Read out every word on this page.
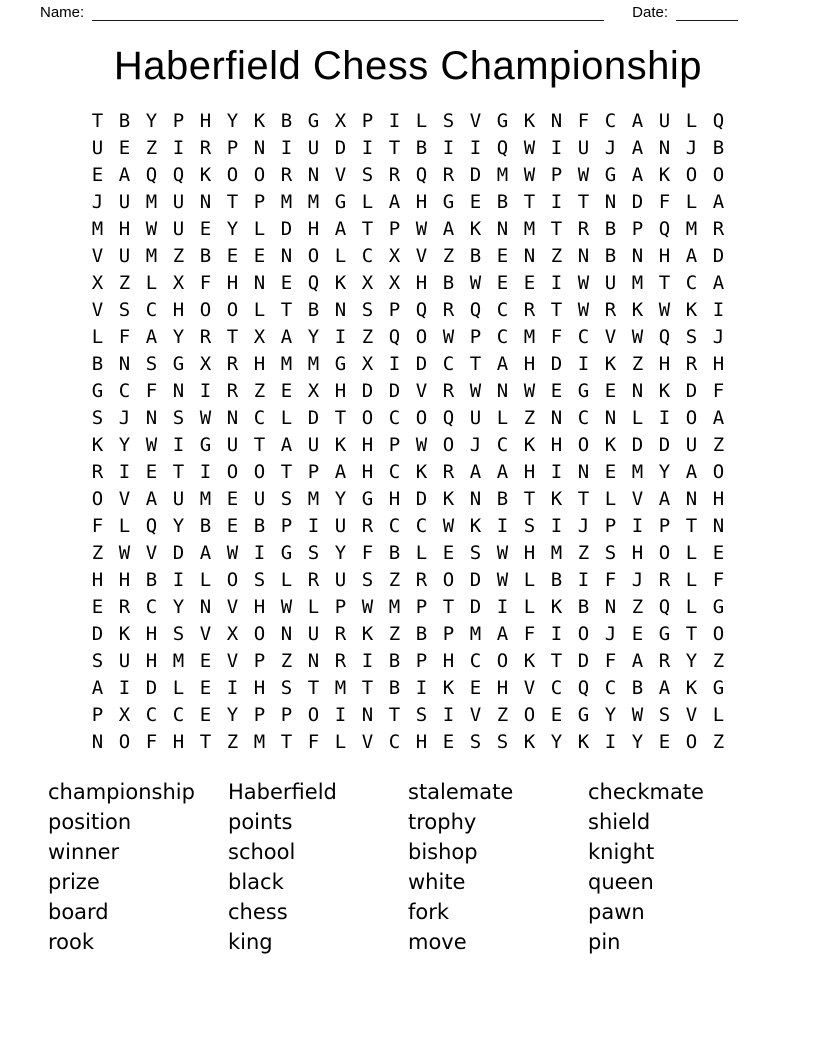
Name:	Date:
Haberfield Chess Championship
T B Y P H Y K B G X P I L S V G K N F C A U L Q
U E Z I R P N I U D I T B I I Q W I U J A N J B
E A Q Q K O O R N V S R Q R D M W P W G A K O O
J U M U N T P M M G L A H G E B T I T N D F L A
M H W U E Y L D H A T P W A K N M T R B P Q M R
V U M Z B E E N O L C X V Z B E N Z N B N H A D
X Z L X F H N E Q K X X H B W E E I W U M T C A
V S C H O O L T B N S P Q R Q C R T W R K W K I
L F A Y R T X A Y I Z Q O W P C M F C V W Q S J
B N S G X R H M M G X I D C T A H D I K Z H R H
G C F N I R Z E X H D D V R W N W E G E N K D F
S J N S W N C L D T O C O Q U L Z N C N L I O A
K Y W I G U T A U K H P W O J C K H O K D D U Z
R I E T I O O T P A H C K R A A H I N E M Y A O
O V A U M E U S M Y G H D K N B T K T L V A N H
F L Q Y B E B P I U R C C W K I S I J P I P T N
Z W V D A W I G S Y F B L E S W H M Z S H O L E
H H B I L O S L R U S Z R O D W L B I F J R L F
E R C Y N V H W L P W M P T D I L K B N Z Q L G
D K H S V X O N U R K Z B P M A F I O J E G T O
S U H M E V P Z N R I B P H C O K T D F A R Y Z
A I D L E I H S T M T B I K E H V C Q C B A K G
P X C C E Y P P O I N T S I V Z O E G Y W S V L
N O F H T Z M T F L V C H E S S K Y K I Y E O Z
championship
position
winner
prize
board
rook
Haberfield
points
school
black
chess
king
stalemate
trophy
bishop
white
fork
move
checkmate
shield
knight
queen
pawn
pin
